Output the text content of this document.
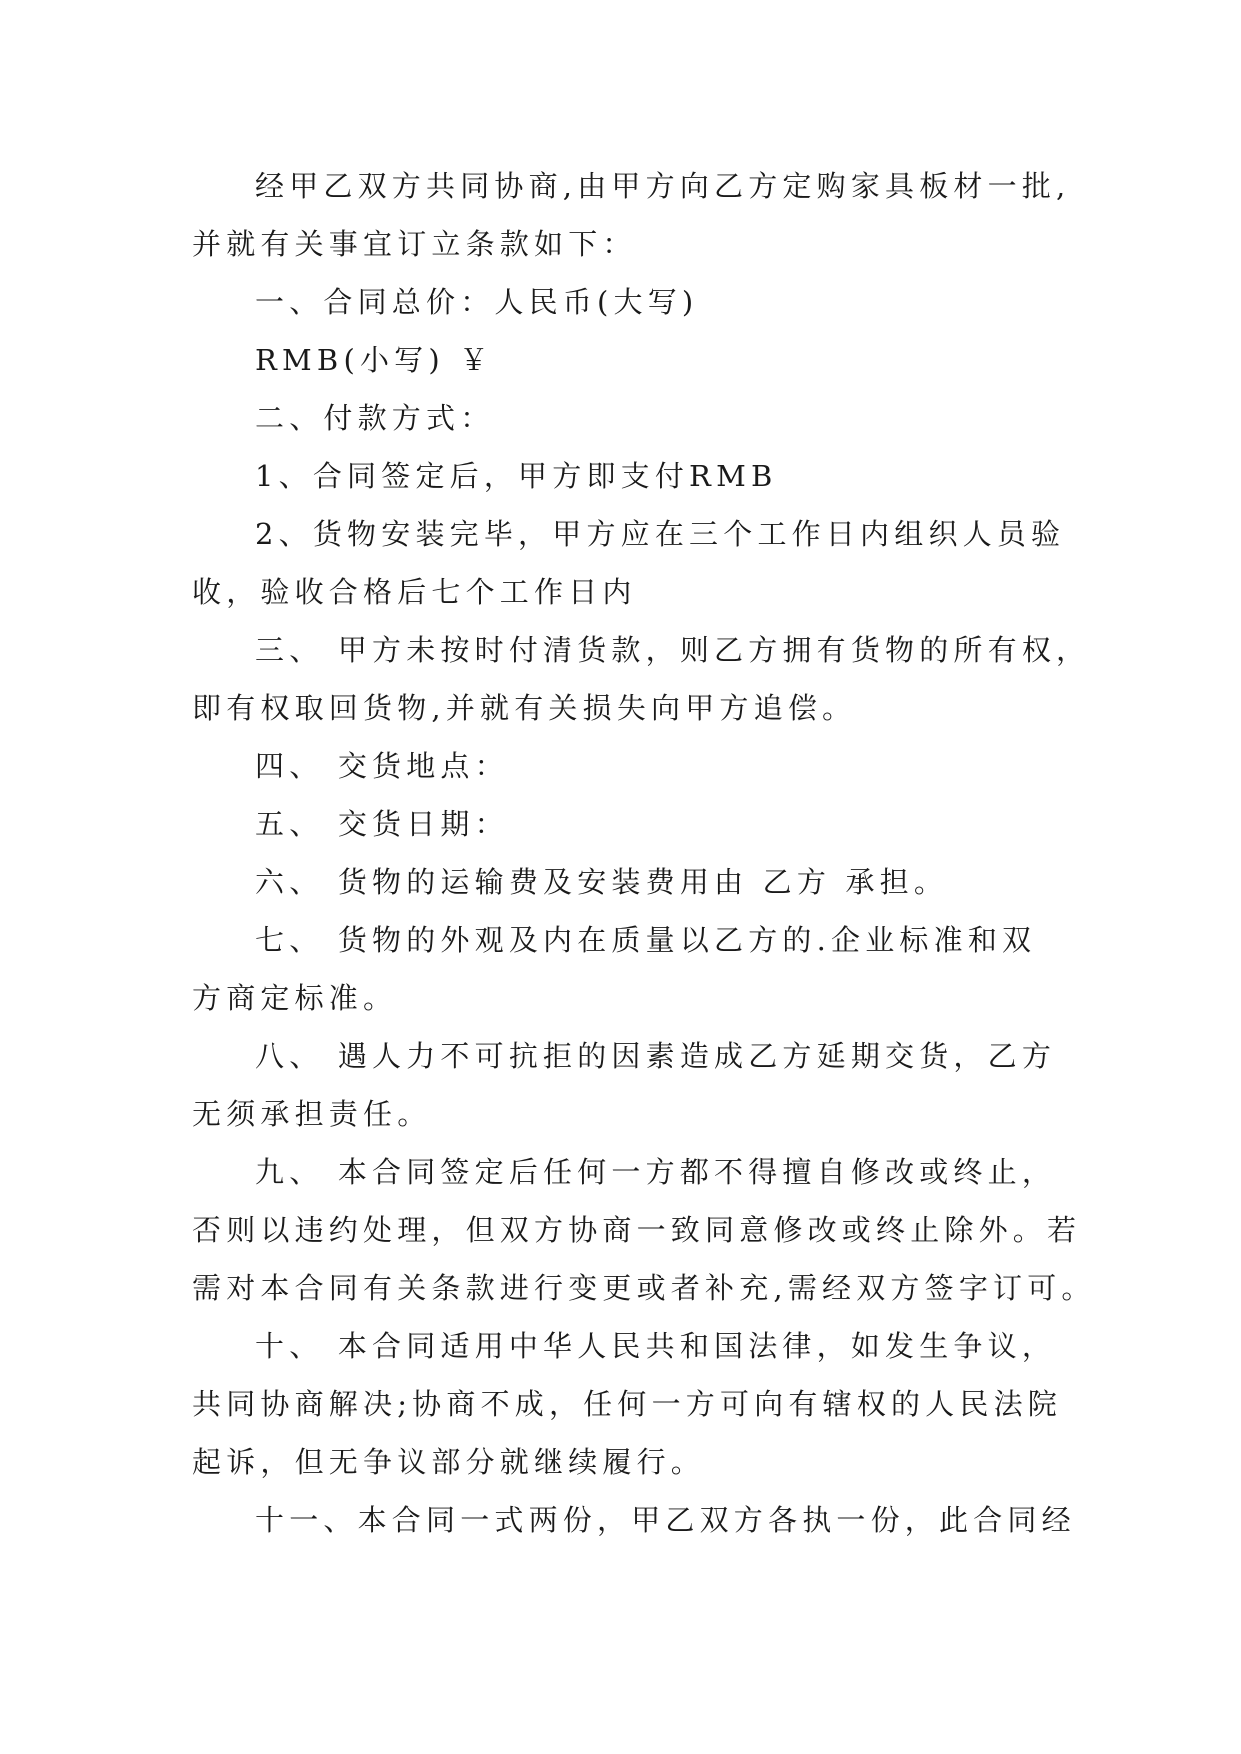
经甲乙双方共同协商,由甲方向乙方定购家具板材一批,
并就有关事宜订立条款如下：
一、合同总价：人民币(大写)
RMB(小写) ￥
二、付款方式：
1、合同签定后，甲方即支付RMB
2、货物安装完毕，甲方应在三个工作日内组织人员验
收，验收合格后七个工作日内
三、 甲方未按时付清货款，则乙方拥有货物的所有权，
即有权取回货物,并就有关损失向甲方追偿。
四、 交货地点：
五、 交货日期：
六、 货物的运输费及安装费用由 乙方 承担。
七、 货物的外观及内在质量以乙方的.企业标准和双
方商定标准。
八、 遇人力不可抗拒的因素造成乙方延期交货，乙方
无须承担责任。
九、 本合同签定后任何一方都不得擅自修改或终止，
否则以违约处理，但双方协商一致同意修改或终止除外。若
需对本合同有关条款进行变更或者补充,需经双方签字订可。
十、 本合同适用中华人民共和国法律，如发生争议，
共同协商解决;协商不成，任何一方可向有辖权的人民法院
起诉，但无争议部分就继续履行。
十一、本合同一式两份，甲乙双方各执一份，此合同经
